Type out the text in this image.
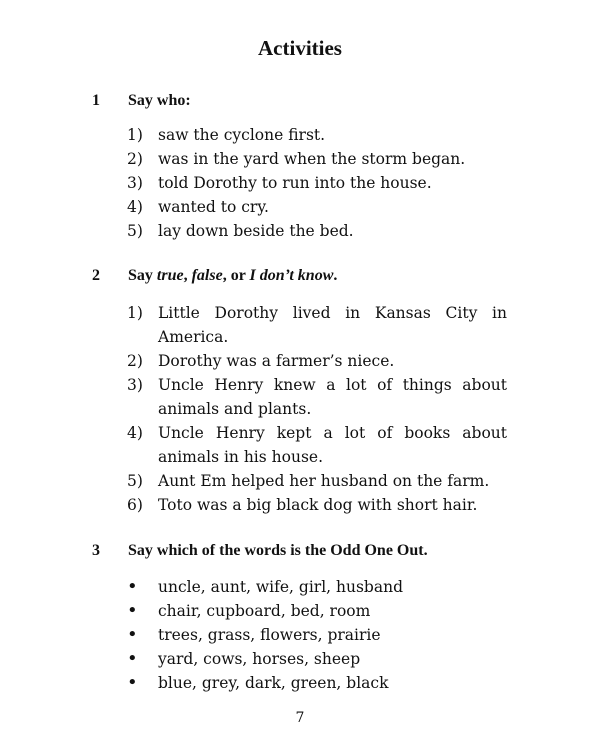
Activities
1 Say who:
1) saw the cyclone first.
2) was in the yard when the storm began.
3) told Dorothy to run into the house.
4) wanted to cry.
5) lay down beside the bed.
2 Say true, false, or I don’t know.
1) Little Dorothy lived in Kansas City in America.
2) Dorothy was a farmer’s niece.
3) Uncle Henry knew a lot of things about animals and plants.
4) Uncle Henry kept a lot of books about animals in his house.
5) Aunt Em helped her husband on the farm.
6) Toto was a big black dog with short hair.
3 Say which of the words is the Odd One Out.
•	uncle, aunt, wife, girl, husband
•	chair, cupboard, bed, room
•	trees, grass, flowers, prairie
•	yard, cows, horses, sheep
•	blue, grey, dark, green, black
7
